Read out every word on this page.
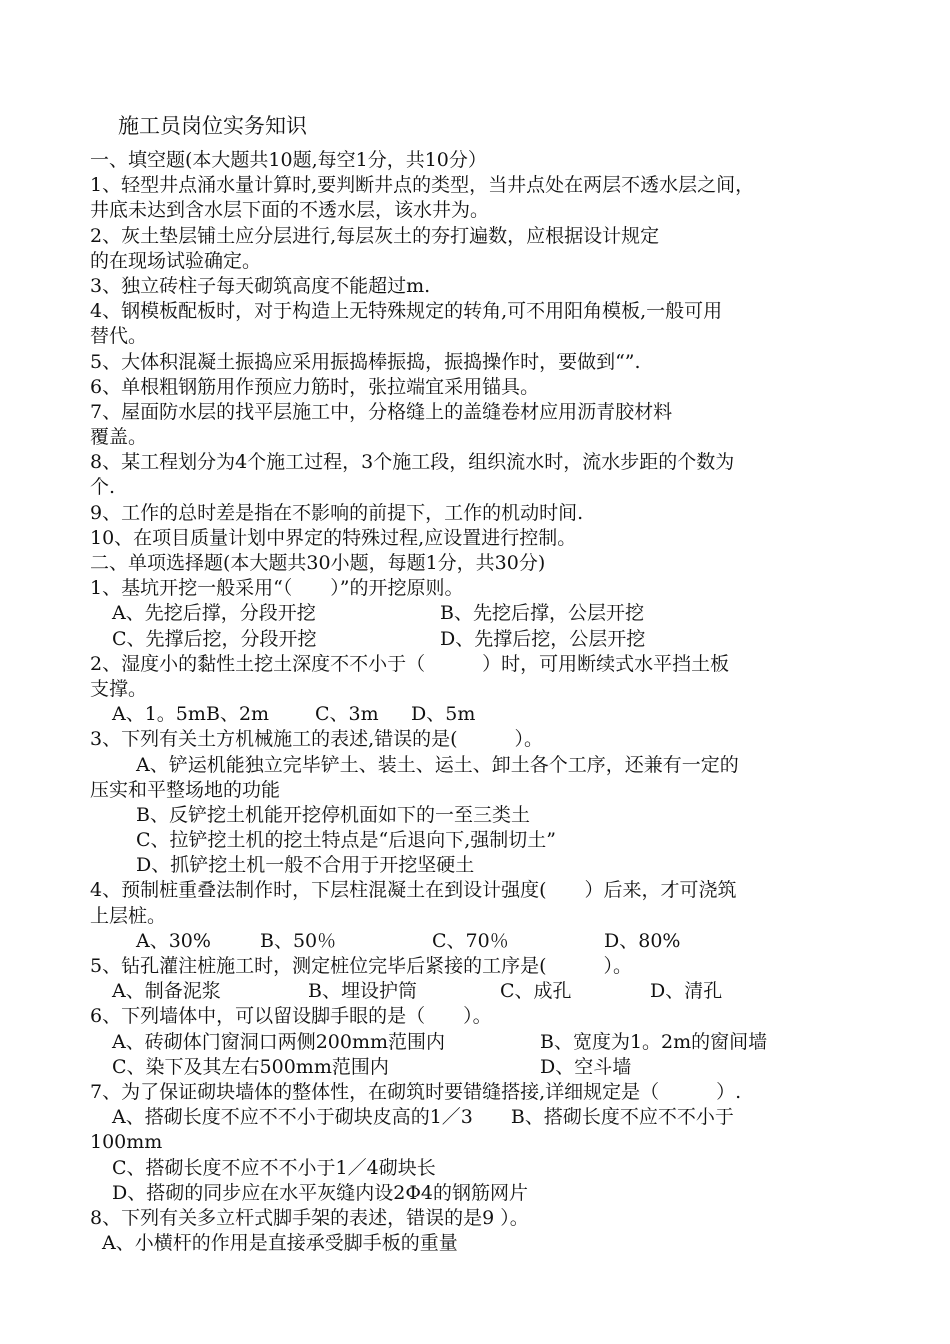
施工员岗位实务知识
一、填空题(本大题共10题,每空1分，共10分）
1、轻型井点涌水量计算时,要判断井点的类型，当井点处在两层不透水层之间，
井底未达到含水层下面的不透水层，该水井为。
2、灰土垫层铺土应分层进行,每层灰土的夯打遍数，应根据设计规定
的在现场试验确定。
3、独立砖柱子每天砌筑高度不能超过m.
4、钢模板配板时，对于构造上无特殊规定的转角,可不用阳角模板,一般可用
替代。
5、大体积混凝土振捣应采用振捣棒振捣，振捣操作时，要做到“”.
6、单根粗钢筋用作预应力筋时，张拉端宜采用锚具。
7、屋面防水层的找平层施工中，分格缝上的盖缝卷材应用沥青胶材料
覆盖。
8、某工程划分为4个施工过程，3个施工段，组织流水时，流水步距的个数为
个.
9、工作的总时差是指在不影响的前提下，工作的机动时间.
10、在项目质量计划中界定的特殊过程,应设置进行控制。
二、单项选择题(本大题共30小题，每题1分，共30分)
1、基坑开挖一般采用“（　　）”的开挖原则。
A、先挖后撑，分段开挖	B、先挖后撑，公层开挖
C、先撑后挖，分段开挖	D、先撑后挖，公层开挖
2、湿度小的黏性土挖土深度不不小于（　　　）时，可用断续式水平挡土板
支撑。
A、1。5m B、2m	C、3m	D、5m
3、下列有关土方机械施工的表述,错误的是(　　　）。
A、铲运机能独立完毕铲土、装土、运土、卸土各个工序，还兼有一定的
压实和平整场地的功能
B、反铲挖土机能开挖停机面如下的一至三类土
C、拉铲挖土机的挖土特点是“后退向下,强制切土”
D、抓铲挖土机一般不合用于开挖坚硬土
4、预制桩重叠法制作时，下层柱混凝土在到设计强度(　　）后来，才可浇筑
上层桩。
A、30%	B、50％	C、70％	D、80%
5、钻孔灌注桩施工时，测定桩位完毕后紧接的工序是(　　　）。
A、制备泥浆	B、埋设护筒	C、成孔	D、清孔
6、下列墙体中，可以留设脚手眼的是（　　）。
A、砖砌体门窗洞口两侧200mm范围内	B、宽度为1。2m的窗间墙
C、染下及其左右500mm范围内	D、空斗墙
7、为了保证砌块墙体的整体性，在砌筑时要错缝搭接,详细规定是（　　　）.
A、搭砌长度不应不不小于砌块皮高的1／3　　B、搭砌长度不应不不小于
100mm
C、搭砌长度不应不不小于1／4砌块长
D、搭砌的同步应在水平灰缝内设2Φ4的钢筋网片
8、下列有关多立杆式脚手架的表述，错误的是9 ）。
A、小横杆的作用是直接承受脚手板的重量
